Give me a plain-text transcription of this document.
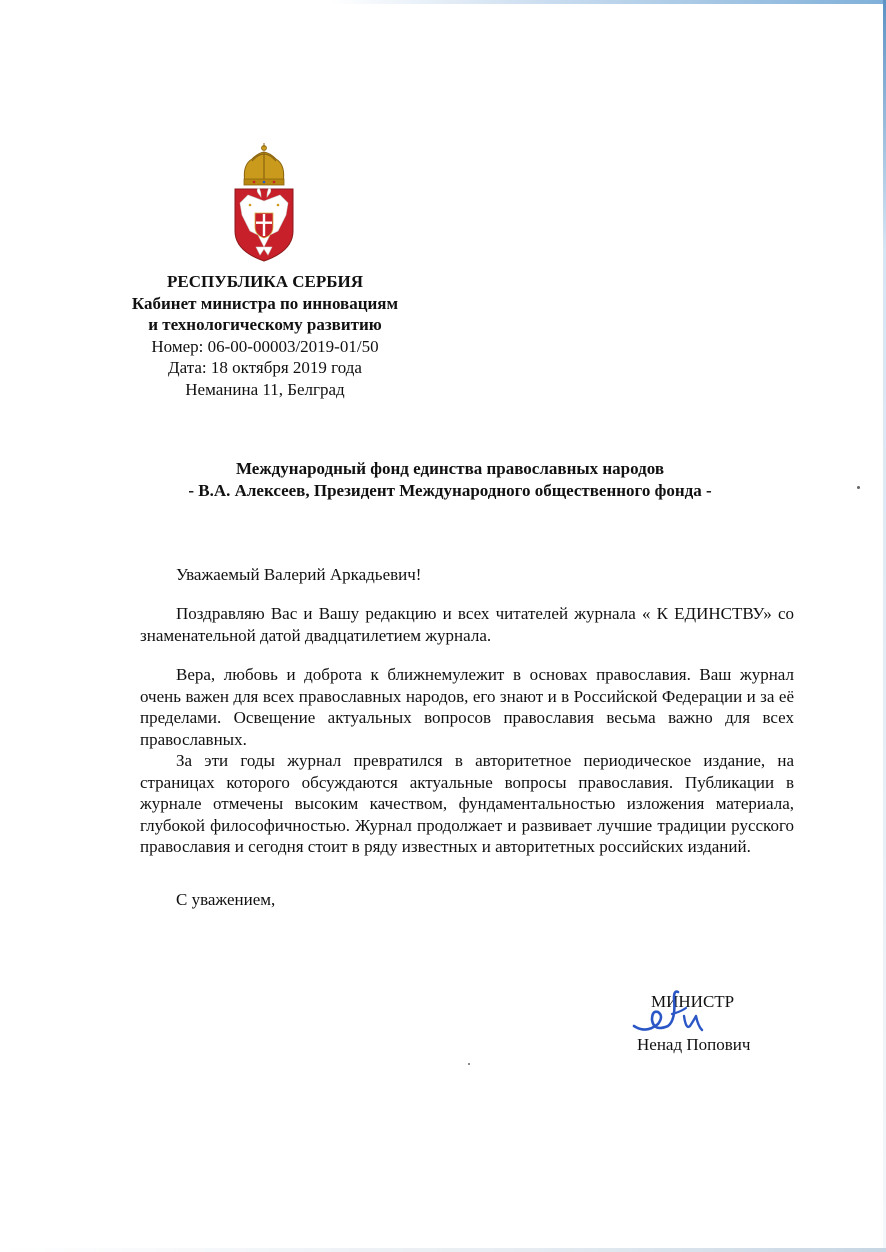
РЕСПУБЛИКА СЕРБИЯ
Кабинет министра по инновациям
и технологическому развитию
Номер: 06-00-00003/2019-01/50
Дата: 18 октября 2019 года
Неманина 11, Белград
Международный фонд единства православных народов
- В.А. Алексеев, Президент Международного общественного фонда -
Уважаемый Валерий Аркадьевич!
Поздравляю Вас и Вашу редакцию и всех читателей журнала « К ЕДИНСТВУ» со знаменательной датой двадцатилетием журнала.
Вера, любовь и доброта к ближнемулежит в основах православия. Ваш журнал очень важен для всех православных народов, его знают и в Российской Федерации и за её пределами. Освещение актуальных вопросов православия весьма важно для всех православных.
За эти годы журнал превратился в авторитетное периодическое издание, на страницах которого обсуждаются актуальные вопросы православия. Публикации в журнале отмечены высоким качеством, фундаментальностью изложения материала, глубокой философичностью. Журнал продолжает и развивает лучшие традиции русского православия и сегодня стоит в ряду известных и авторитетных российских изданий.
С уважением,
МИНИСТР
Ненад Попович
